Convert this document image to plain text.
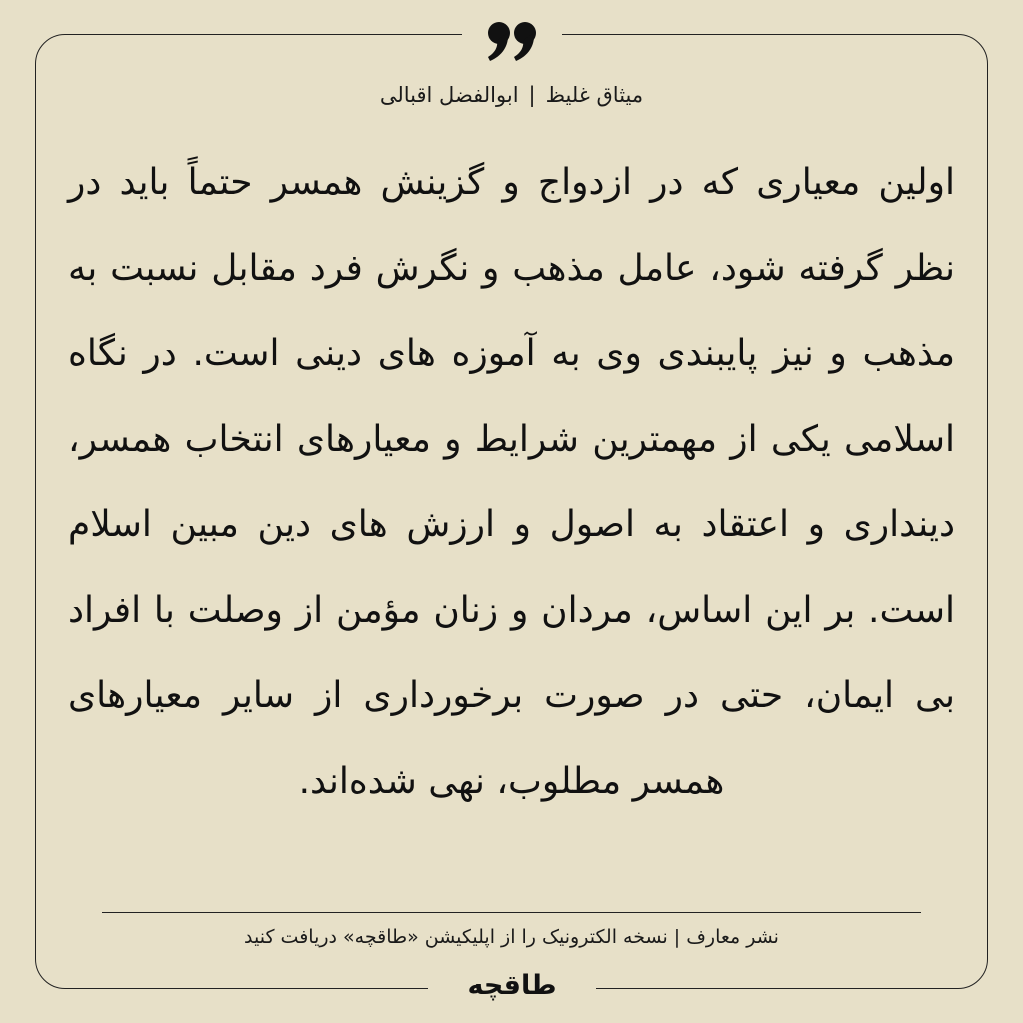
میثاق غلیظ|ابوالفضل اقبالی
اولین معیاری که در ازدواج و گزینش همسر حتماً باید در نظر گرفته شود، عامل مذهب و نگرش فرد مقابل نسبت به مذهب و نیز پایبندی وی به آموزه های دینی است. در نگاه اسلامی یکی از مهمترین شرایط و معیارهای انتخاب همسر، دینداری و اعتقاد به اصول و ارزش های دین مبین اسلام است. بر این اساس، مردان و زنان مؤمن از وصلت با افراد بی ایمان، حتی در صورت برخورداری از سایر معیارهای همسر مطلوب، نهی شده‌اند.
نشر معارف | نسخه الکترونیک را از اپلیکیشن «طاقچه» دریافت کنید
طاقچه
